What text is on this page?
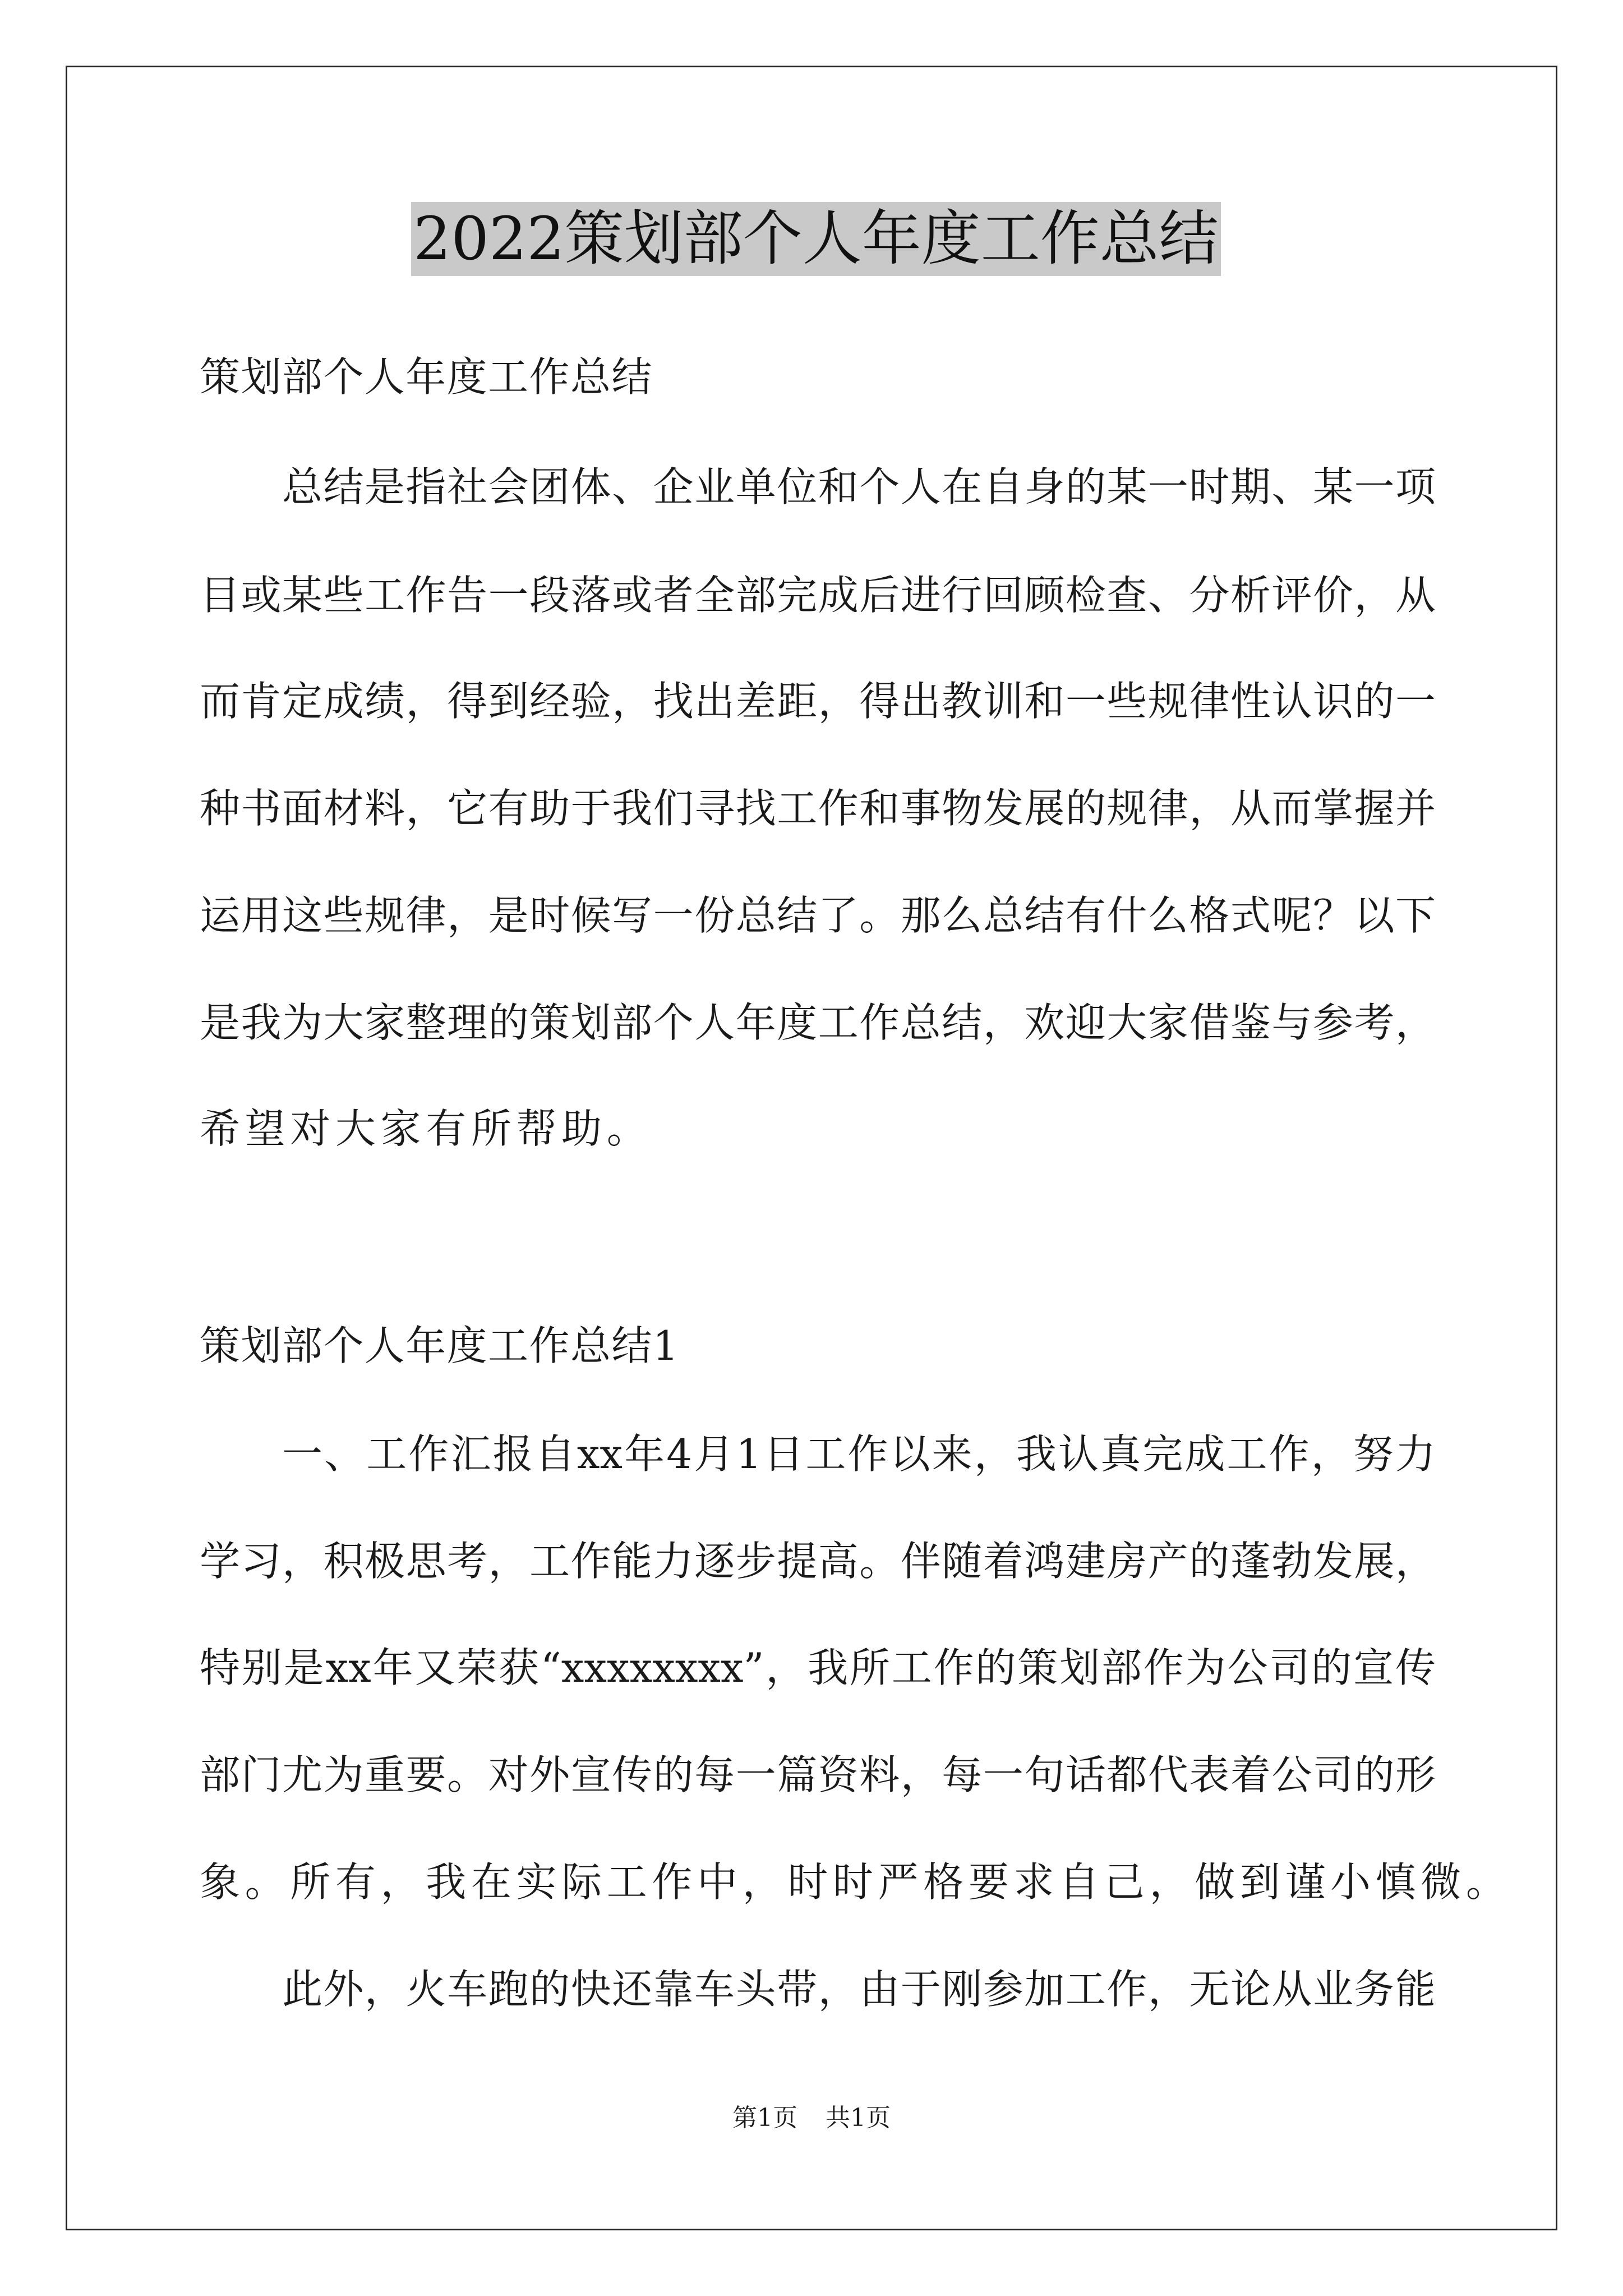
2022策划部个人年度工作总结
策划部个人年度工作总结
总结是指社会团体、企业单位和个人在自身的某一时期、某一项
目或某些工作告一段落或者全部完成后进行回顾检查、分析评价，从
而肯定成绩，得到经验，找出差距，得出教训和一些规律性认识的一
种书面材料，它有助于我们寻找工作和事物发展的规律，从而掌握并
运用这些规律，是时候写一份总结了。那么总结有什么格式呢？以下
是我为大家整理的策划部个人年度工作总结，欢迎大家借鉴与参考，
希望对大家有所帮助。
策划部个人年度工作总结1
一、工作汇报自xx年4月1日工作以来，我认真完成工作，努力
学习，积极思考，工作能力逐步提高。伴随着鸿建房产的蓬勃发展，
特别是xx年又荣获“xxxxxxxx”，我所工作的策划部作为公司的宣传
部门尤为重要。对外宣传的每一篇资料，每一句话都代表着公司的形
象。所有，我在实际工作中，时时严格要求自己，做到谨小慎微。
此外，火车跑的快还靠车头带，由于刚参加工作，无论从业务能
第1页 共1页
